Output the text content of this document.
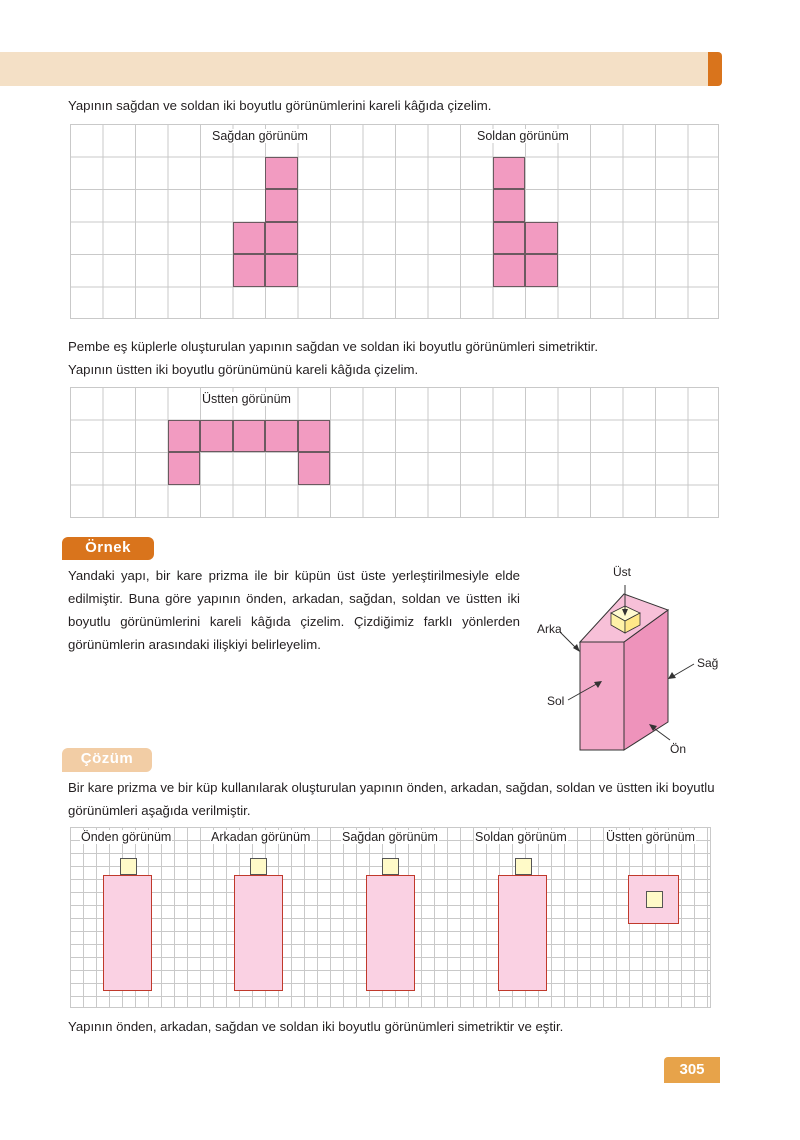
Yapının sağdan ve soldan iki boyutlu görünümlerini kareli kâğıda çizelim.
Sağdan görünüm	Soldan görünüm
Pembe eş küplerle oluşturulan yapının sağdan ve soldan iki boyutlu görünümleri simetriktir.
Yapının üstten iki boyutlu görünümünü kareli kâğıda çizelim.
Üstten görünüm
Örnek
Yandaki yapı, bir kare prizma ile bir küpün üst üste yerleştirilmesiyle elde edilmiştir. Buna göre yapının önden, arkadan, sağdan, soldan ve üstten iki boyutlu görünümlerini kareli kâğıda çizelim. Çizdiğimiz farklı yönlerden görünümlerin arasındaki ilişkiyi belirleyelim.
Üst
Arka
Sağ
Sol
Ön
Çözüm
Bir kare prizma ve bir küp kullanılarak oluşturulan yapının önden, arkadan, sağdan, soldan ve üstten iki boyutlu görünümleri aşağıda verilmiştir.
Önden görünüm	Arkadan görünüm	Sağdan görünüm	Soldan görünüm	Üstten görünüm
Yapının önden, arkadan, sağdan ve soldan iki boyutlu görünümleri simetriktir ve eştir.
305
